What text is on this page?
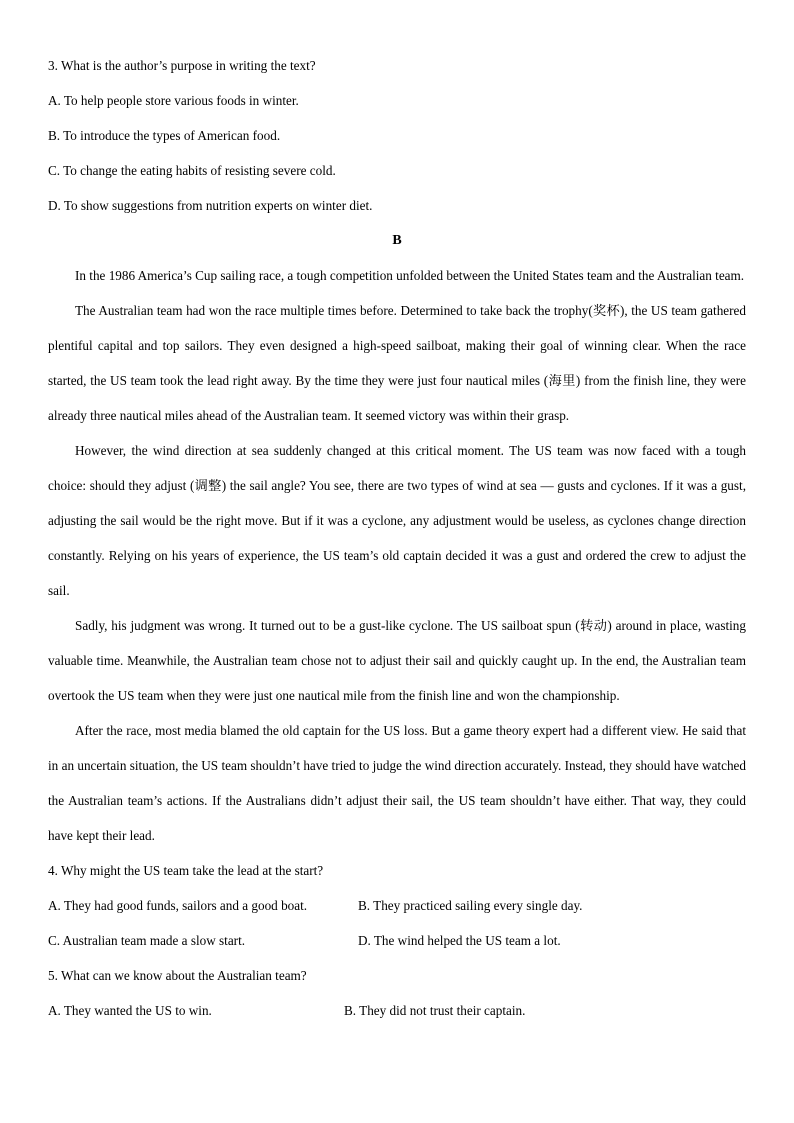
3. What is the author’s purpose in writing the text?

A. To help people store various foods in winter.

B. To introduce the types of American food.

C. To change the eating habits of resisting severe cold.

D. To show suggestions from nutrition experts on winter diet.

B

In the 1986 America’s Cup sailing race, a tough competition unfolded between the United States team and the Australian team.

The Australian team had won the race multiple times before. Determined to take back the trophy(奖杯), the US team gathered plentiful capital and top sailors. They even designed a high-speed sailboat, making their goal of winning clear. When the race started, the US team took the lead right away. By the time they were just four nautical miles (海里) from the finish line, they were already three nautical miles ahead of the Australian team. It seemed victory was within their grasp.

However, the wind direction at sea suddenly changed at this critical moment. The US team was now faced with a tough choice: should they adjust (调整) the sail angle? You see, there are two types of wind at sea — gusts and cyclones. If it was a gust, adjusting the sail would be the right move. But if it was a cyclone, any adjustment would be useless, as cyclones change direction constantly. Relying on his years of experience, the US team’s old captain decided it was a gust and ordered the crew to adjust the sail.

Sadly, his judgment was wrong. It turned out to be a gust-like cyclone. The US sailboat spun (转动) around in place, wasting valuable time. Meanwhile, the Australian team chose not to adjust their sail and quickly caught up. In the end, the Australian team overtook the US team when they were just one nautical mile from the finish line and won the championship.

After the race, most media blamed the old captain for the US loss. But a game theory expert had a different view. He said that in an uncertain situation, the US team shouldn’t have tried to judge the wind direction accurately. Instead, they should have watched the Australian team’s actions. If the Australians didn’t adjust their sail, the US team shouldn’t have either. That way, they could have kept their lead.

4. Why might the US team take the lead at the start?

A. They had good funds, sailors and a good boat.	B. They practiced sailing every single day.
C. Australian team made a slow start.	D. The wind helped the US team a lot.

5. What can we know about the Australian team?

A. They wanted the US to win.	B. They did not trust their captain.
